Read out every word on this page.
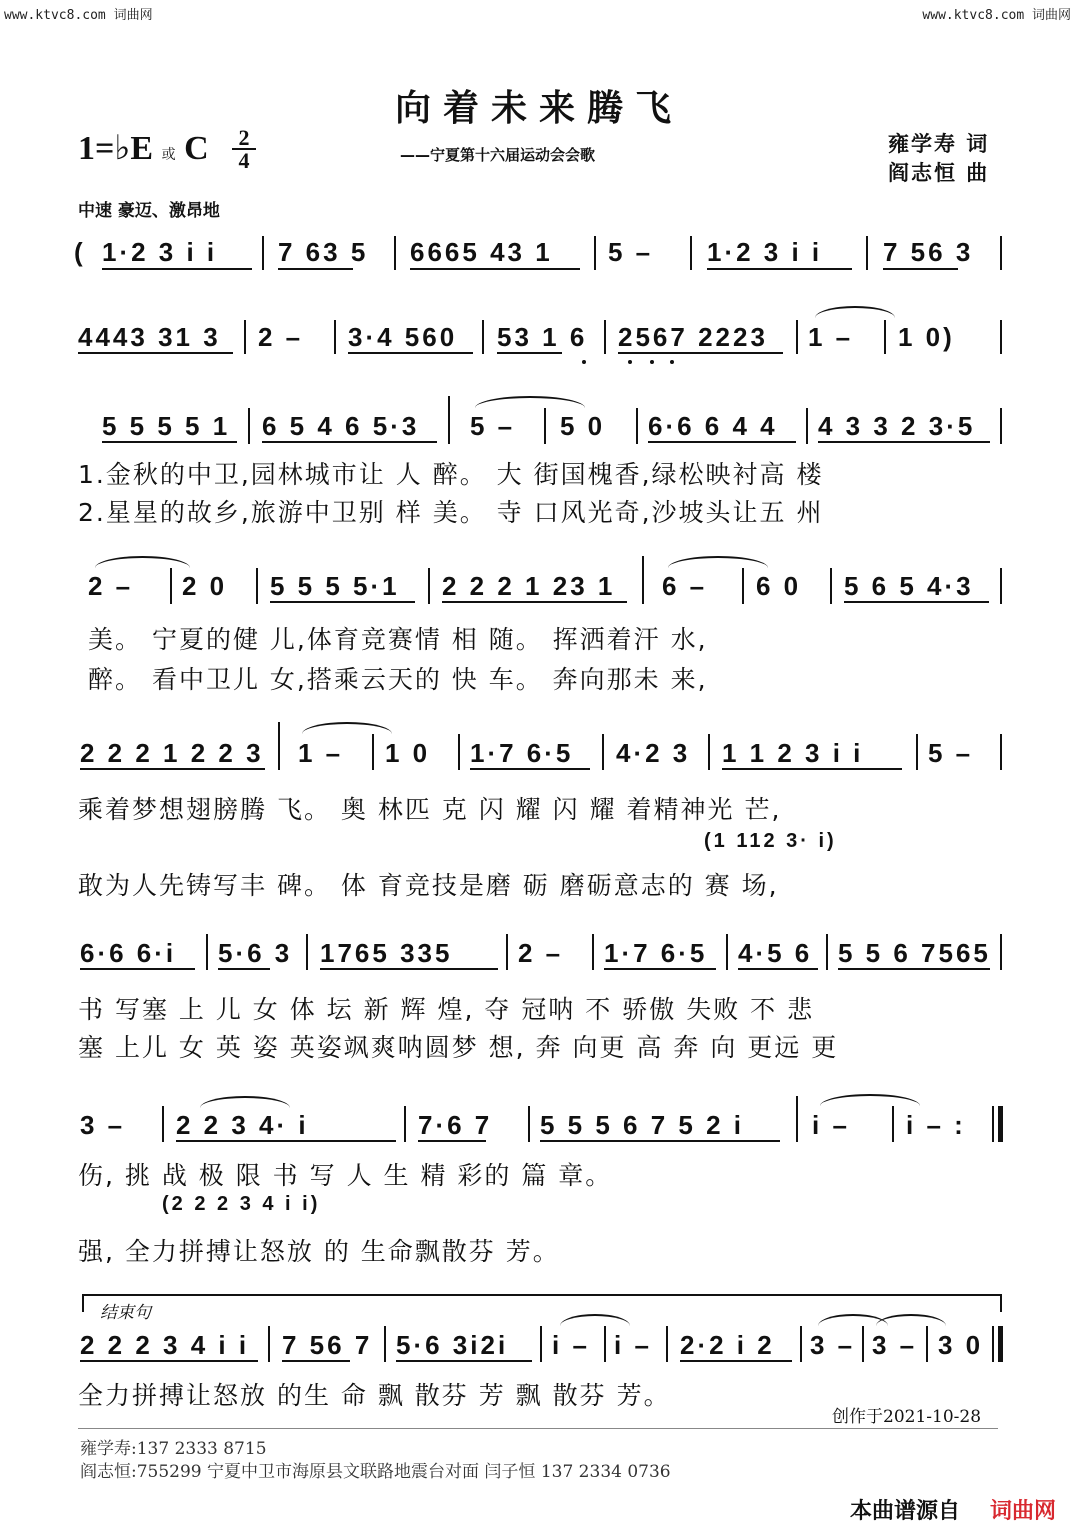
www.ktvc8.com 词曲网	www.ktvc8.com 词曲网
向着未来腾飞
——宁夏第十六届运动会会歌
1=♭E 或 C 2
4
雍学寿 词
阎志恒 曲
中速 豪迈、激昂地
( 1·2 3 i i 7 63 5 6665 43 1 5 – 1·2 3 i i 7 56 3
4443 31 3 2 – 3·4 560 53 1 6 2567 2223 1 – 1 0)
5 5 5 5 1 6 5 4 6 5·3 5 – 5 0 6·6 6 4 4 4 3 3 2 3·5
1.金秋的中卫,园林城市让 人 醉。 大 街国槐香,绿松映衬高 楼
2.星星的故乡,旅游中卫别 样 美。 寺 口风光奇,沙坡头让五 州
2 – 2 0 5 5 5 5·1 2 2 2 1 23 1 6 – 6 0 5 6 5 4·3
美。 宁夏的健 儿,体育竞赛情 相 随。 挥洒着汗 水,
醉。 看中卫儿 女,搭乘云天的 快 车。 奔向那未 来,
2 2 2 1 2 2 3 1 – 1 0 1·7 6·5 4·2 3 1 1 2 3 i i 5 –
乘着梦想翅膀腾 飞。 奥 林匹 克 闪 耀 闪 耀 着精神光 芒,
(1 112 3· i)
敢为人先铸写丰 碑。 体 育竞技是磨 砺 磨砺意志的 赛 场,
6·6 6·i 5·6 3 1765 335	2 – 1·7 6·5 4·5 6 5 5 6 7565
书 写塞 上 儿 女 体 坛 新 辉 煌, 夺 冠呐 不 骄傲 失败 不 悲
塞 上儿 女 英 姿 英姿飒爽呐圆梦 想, 奔 向更 高 奔 向 更远 更
3 – 2 2 3 4· i	7·6 7 5 5 5 6 7 5 2 i	i – i – :
伤, 挑 战 极 限 书 写 人 生 精 彩的 篇 章。
(2 2 2 3 4 i i)
强, 全力拼搏让怒放 的 生命飘散芬 芳。
结束句
2 2 2 3 4 i i 7 56 7 5·6 3i2i i – i – 2·2 i 2 3 – 3 – 3 0
全力拼搏让怒放 的生 命 飘 散芬 芳 飘 散芬 芳。
创作于2021-10-28
雍学寿:137 2333 8715
阎志恒:755299 宁夏中卫市海原县文联路地震台对面 闫子恒 137 2334 0736
本曲谱源自 词曲网
